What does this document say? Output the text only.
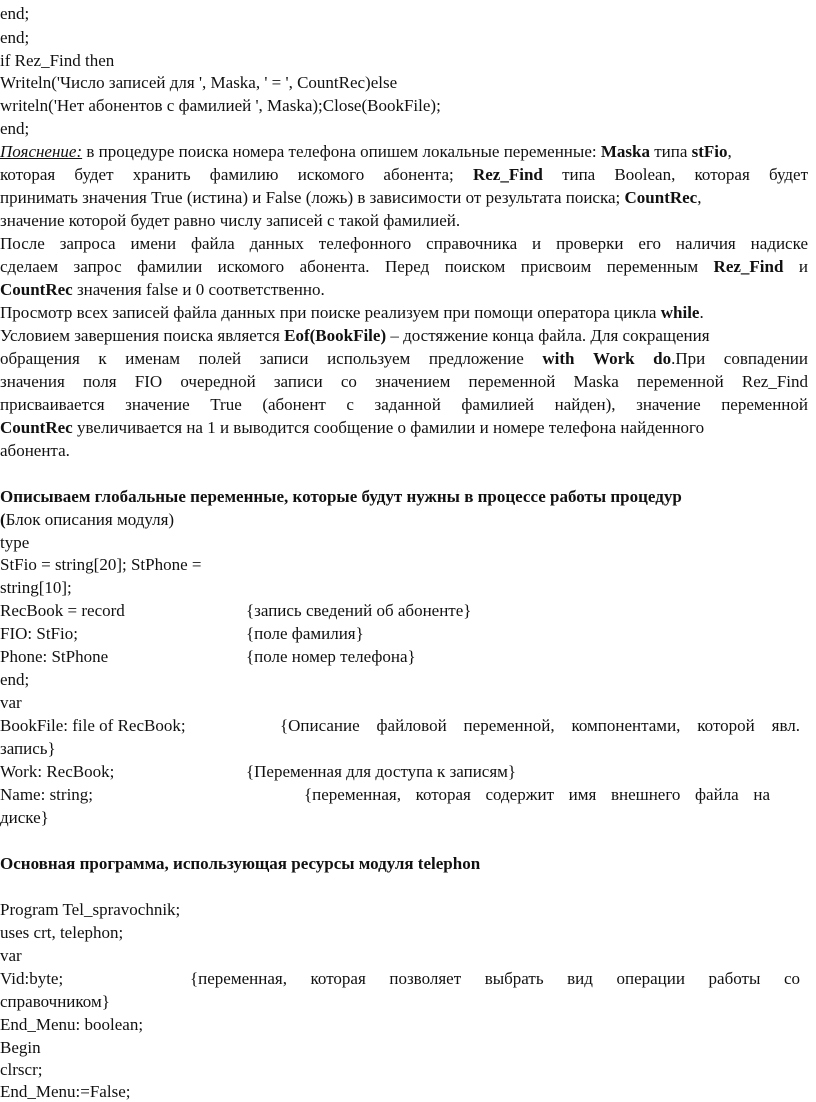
end;
end;
if Rez_Find then
Writeln('Число записей для ', Maska, ' = ', CountRec)else
writeln('Нет абонентов с фамилией ', Maska);Close(BookFile);
end;
Пояснение: в процедуре поиска номера телефона опишем локальные переменные: Maska типа stFio,
которая будет хранить фамилию искомого абонента; Rez_Find типа Boolean, которая будет
принимать значения True (истина) и False (ложь) в зависимости от результата поиска; CountRec,
значение которой будет равно числу записей с такой фамилией.
После запроса имени файла данных телефонного справочника и проверки его наличия надиске
сделаем запрос фамилии искомого абонента. Перед поиском присвоим переменным Rez_Find и
CountRec значения false и 0 соответственно.
Просмотр всех записей файла данных при поиске реализуем при помощи оператора цикла while.
Условием завершения поиска является Eof(BookFile) – достяжение конца файла. Для сокращения
обращения к именам полей записи используем предложение with Work do.При совпадении
значения поля FIO очередной записи со значением переменной Maska переменной Rez_Find
присваивается значение True (абонент с заданной фамилией найден), значение переменной
CountRec увеличивается на 1 и выводится сообщение о фамилии и номере телефона найденного
абонента.
Описываем глобальные переменные, которые будут нужны в процессе работы процедур
(Блок описания модуля)
type
StFio = string[20]; StPhone =
string[10];
RecBook = record	{запись сведений об абоненте}
FIO: StFio;	{поле фамилия}
Phone: StPhone	{поле номер телефона}
end;
var
BookFile: file of RecBook;	{Описание файловой переменной, компонентами, которой явл.
запись}
Work: RecBook;	{Переменная для доступа к записям}
Name: string;	{переменная, которая содержит имя внешнего файла на
диске}
Основная программа, использующая ресурсы модуля telephon
Program Tel_spravochnik;
uses crt, telephon;
var
Vid:byte;	{переменная, которая позволяет выбрать вид операции работы со
справочником}
End_Menu: boolean;
Begin
clrscr;
End_Menu:=False;
